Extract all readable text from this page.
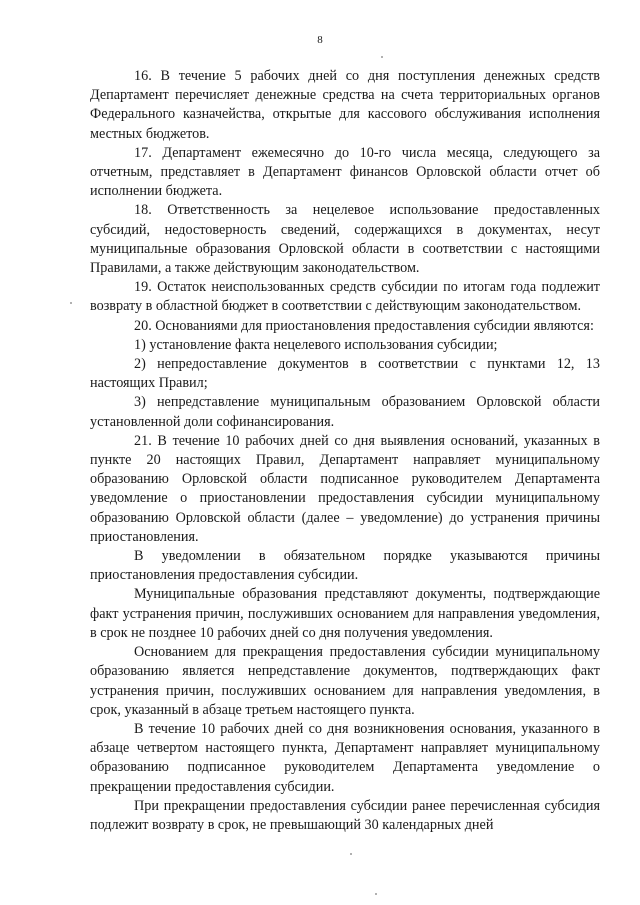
8

16. В течение 5 рабочих дней со дня поступления денежных средств Департамент перечисляет денежные средства на счета территориальных органов Федерального казначейства, открытые для кассового обслуживания исполнения местных бюджетов.

17. Департамент ежемесячно до 10-го числа месяца, следующего за отчетным, представляет в Департамент финансов Орловской области отчет об исполнении бюджета.

18. Ответственность за нецелевое использование предоставленных субсидий, недостоверность сведений, содержащихся в документах, несут муниципальные образования Орловской области в соответствии с настоящими Правилами, а также действующим законодательством.

19. Остаток неиспользованных средств субсидии по итогам года подлежит возврату в областной бюджет в соответствии с действующим законодательством.

20. Основаниями для приостановления предоставления субсидии являются:

1) установление факта нецелевого использования субсидии;

2) непредоставление документов в соответствии с пунктами 12, 13 настоящих Правил;

3) непредставление муниципальным образованием Орловской области установленной доли софинансирования.

21. В течение 10 рабочих дней со дня выявления оснований, указанных в пункте 20 настоящих Правил, Департамент направляет муниципальному образованию Орловской области подписанное руководителем Департамента уведомление о приостановлении предоставления субсидии муниципальному образованию Орловской области (далее – уведомление) до устранения причины приостановления.

В уведомлении в обязательном порядке указываются причины приостановления предоставления субсидии.

Муниципальные образования представляют документы, подтверждающие факт устранения причин, послуживших основанием для направления уведомления, в срок не позднее 10 рабочих дней со дня получения уведомления.

Основанием для прекращения предоставления субсидии муниципальному образованию является непредставление документов, подтверждающих факт устранения причин, послуживших основанием для направления уведомления, в срок, указанный в абзаце третьем настоящего пункта.

В течение 10 рабочих дней со дня возникновения основания, указанного в абзаце четвертом настоящего пункта, Департамент направляет муниципальному образованию подписанное руководителем Департамента уведомление о прекращении предоставления субсидии.

При прекращении предоставления субсидии ранее перечисленная субсидия подлежит возврату в срок, не превышающий 30 календарных дней
